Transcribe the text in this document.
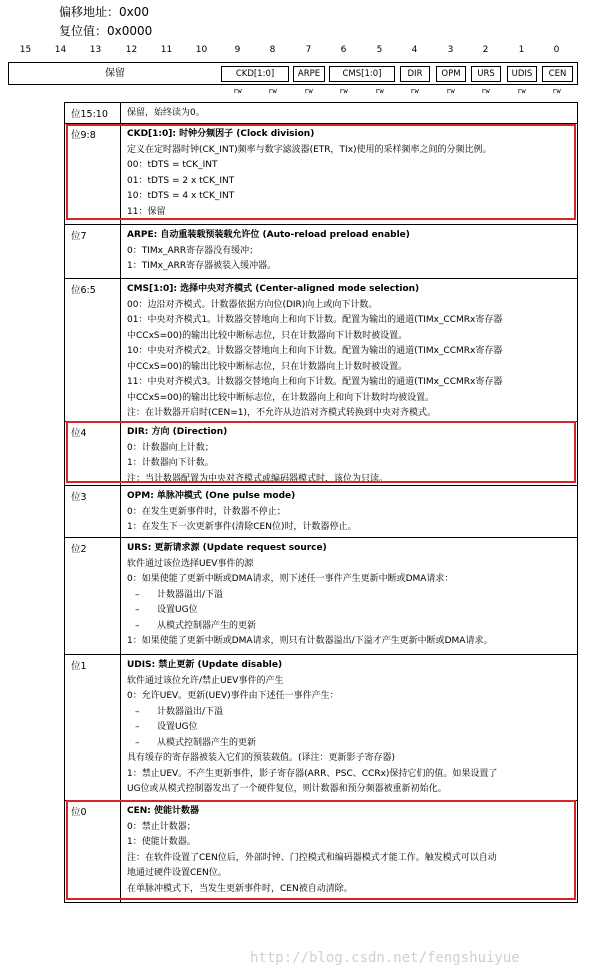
偏移地址：0x00
复位值：0x0000
15	14	13	12	11	10	9	8	7	6	5	4	3	2	1	0
保留	CKD[1:0]	ARPE	CMS[1:0]	DIR	OPM	URS	UDIS	CEN
rw	rw	rw	rw	rw	rw	rw	rw	rw	rw
位15:10	保留，始终读为0。
位9:8	CKD[1:0]: 时钟分频因子 (Clock division)
定义在定时器时钟(CK_INT)频率与数字滤波器(ETR，TIx)使用的采样频率之间的分频比例。
00：tDTS = tCK_INT
01：tDTS = 2 x tCK_INT
10：tDTS = 4 x tCK_INT
11：保留
位7	ARPE: 自动重装载预装载允许位 (Auto-reload preload enable)
0：TIMx_ARR寄存器没有缓冲；
1：TIMx_ARR寄存器被装入缓冲器。
位6:5	CMS[1:0]: 选择中央对齐模式 (Center-aligned mode selection)
00：边沿对齐模式。计数器依据方向位(DIR)向上或向下计数。
01：中央对齐模式1。计数器交替地向上和向下计数。配置为输出的通道(TIMx_CCMRx寄存器
中CCxS=00)的输出比较中断标志位，只在计数器向下计数时被设置。
10：中央对齐模式2。计数器交替地向上和向下计数。配置为输出的通道(TIMx_CCMRx寄存器
中CCxS=00)的输出比较中断标志位，只在计数器向上计数时被设置。
11：中央对齐模式3。计数器交替地向上和向下计数。配置为输出的通道(TIMx_CCMRx寄存器
中CCxS=00)的输出比较中断标志位，在计数器向上和向下计数时均被设置。
注：在计数器开启时(CEN=1)，不允许从边沿对齐模式转换到中央对齐模式。
位4	DIR: 方向 (Direction)
0：计数器向上计数；
1：计数器向下计数。
注：当计数器配置为中央对齐模式或编码器模式时，该位为只读。
位3	OPM: 单脉冲模式 (One pulse mode)
0：在发生更新事件时，计数器不停止；
1：在发生下一次更新事件(清除CEN位)时，计数器停止。
位2	URS: 更新请求源 (Update request source)
软件通过该位选择UEV事件的源
0：如果使能了更新中断或DMA请求，则下述任一事件产生更新中断或DMA请求：
– 计数器溢出/下溢
– 设置UG位
– 从模式控制器产生的更新
1：如果使能了更新中断或DMA请求，则只有计数器溢出/下溢才产生更新中断或DMA请求。
位1	UDIS: 禁止更新 (Update disable)
软件通过该位允许/禁止UEV事件的产生
0：允许UEV。更新(UEV)事件由下述任一事件产生：
– 计数器溢出/下溢
– 设置UG位
– 从模式控制器产生的更新
具有缓存的寄存器被装入它们的预装载值。(译注：更新影子寄存器)
1：禁止UEV。不产生更新事件，影子寄存器(ARR、PSC、CCRx)保持它们的值。如果设置了
UG位或从模式控制器发出了一个硬件复位，则计数器和预分频器被重新初始化。
位0	CEN: 使能计数器
0：禁止计数器；
1：使能计数器。
注：在软件设置了CEN位后，外部时钟、门控模式和编码器模式才能工作。触发模式可以自动
地通过硬件设置CEN位。
在单脉冲模式下，当发生更新事件时，CEN被自动清除。
http://blog.csdn.net/fengshuiyue
